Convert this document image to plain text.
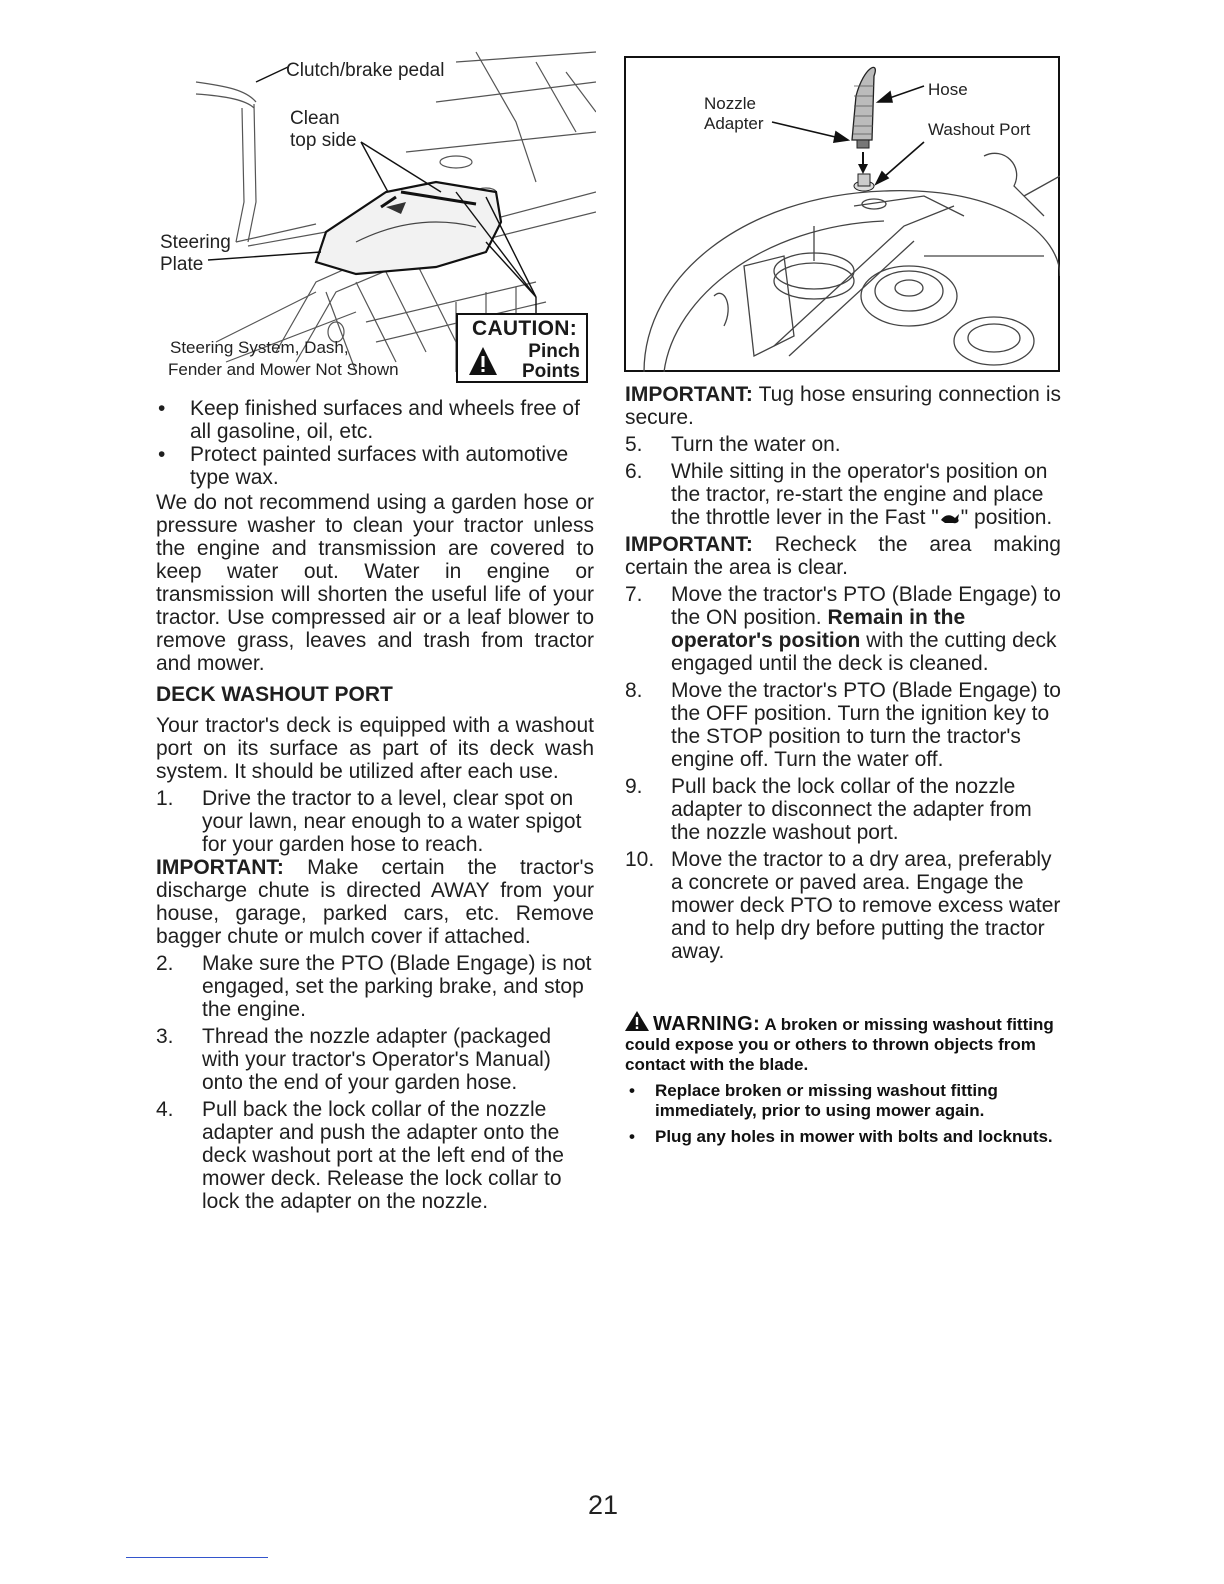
Clutch/brake pedal
Clean
top side
Steering
Plate
Steering System, Dash,
Fender and Mower Not Shown
CAUTION:
Pinch
Points
Nozzle
Adapter
Hose
Washout Port
• Keep finished surfaces and wheels free of all gasoline, oil, etc.
• Protect painted surfaces with automotive type wax.

We do not recommend using a garden hose or pressure washer to clean your tractor unless the engine and transmission are covered to keep water out. Water in engine or transmission will shorten the useful life of your tractor. Use compressed air or a leaf blower to remove grass, leaves and trash from tractor and mower.

DECK WASHOUT PORT

Your tractor's deck is equipped with a washout port on its surface as part of its deck wash system. It should be utilized after each use.

1. Drive the tractor to a level, clear spot on your lawn, near enough to a water spigot for your garden hose to reach.

IMPORTANT: Make certain the tractor's discharge chute is directed AWAY from your house, garage, parked cars, etc. Remove bagger chute or mulch cover if attached.

2. Make sure the PTO (Blade Engage) is not engaged, set the parking brake, and stop the engine.
3. Thread the nozzle adapter (packaged with your tractor's Operator's Manual) onto the end of your garden hose.
4. Pull back the lock collar of the nozzle adapter and push the adapter onto the deck washout port at the left end of the mower deck. Release the lock collar to lock the adapter on the nozzle.

IMPORTANT: Tug hose ensuring connection is secure.

5. Turn the water on.
6. While sitting in the operator's position on the tractor, re-start the engine and place the throttle lever in the Fast " " position.

IMPORTANT: Recheck the area making certain the area is clear.

7. Move the tractor's PTO (Blade Engage) to the ON position. Remain in the operator's position with the cutting deck engaged until the deck is cleaned.
8. Move the tractor's PTO (Blade Engage) to the OFF position. Turn the ignition key to the STOP position to turn the tractor's engine off. Turn the water off.
9. Pull back the lock collar of the nozzle adapter to disconnect the adapter from the nozzle washout port.
10. Move the tractor to a dry area, preferably a concrete or paved area. Engage the mower deck PTO to remove excess water and to help dry before putting the tractor away.

WARNING: A broken or missing washout fitting could expose you or others to thrown objects from contact with the blade.

• Replace broken or missing washout fitting immediately, prior to using mower again.
• Plug any holes in mower with bolts and locknuts.
21
